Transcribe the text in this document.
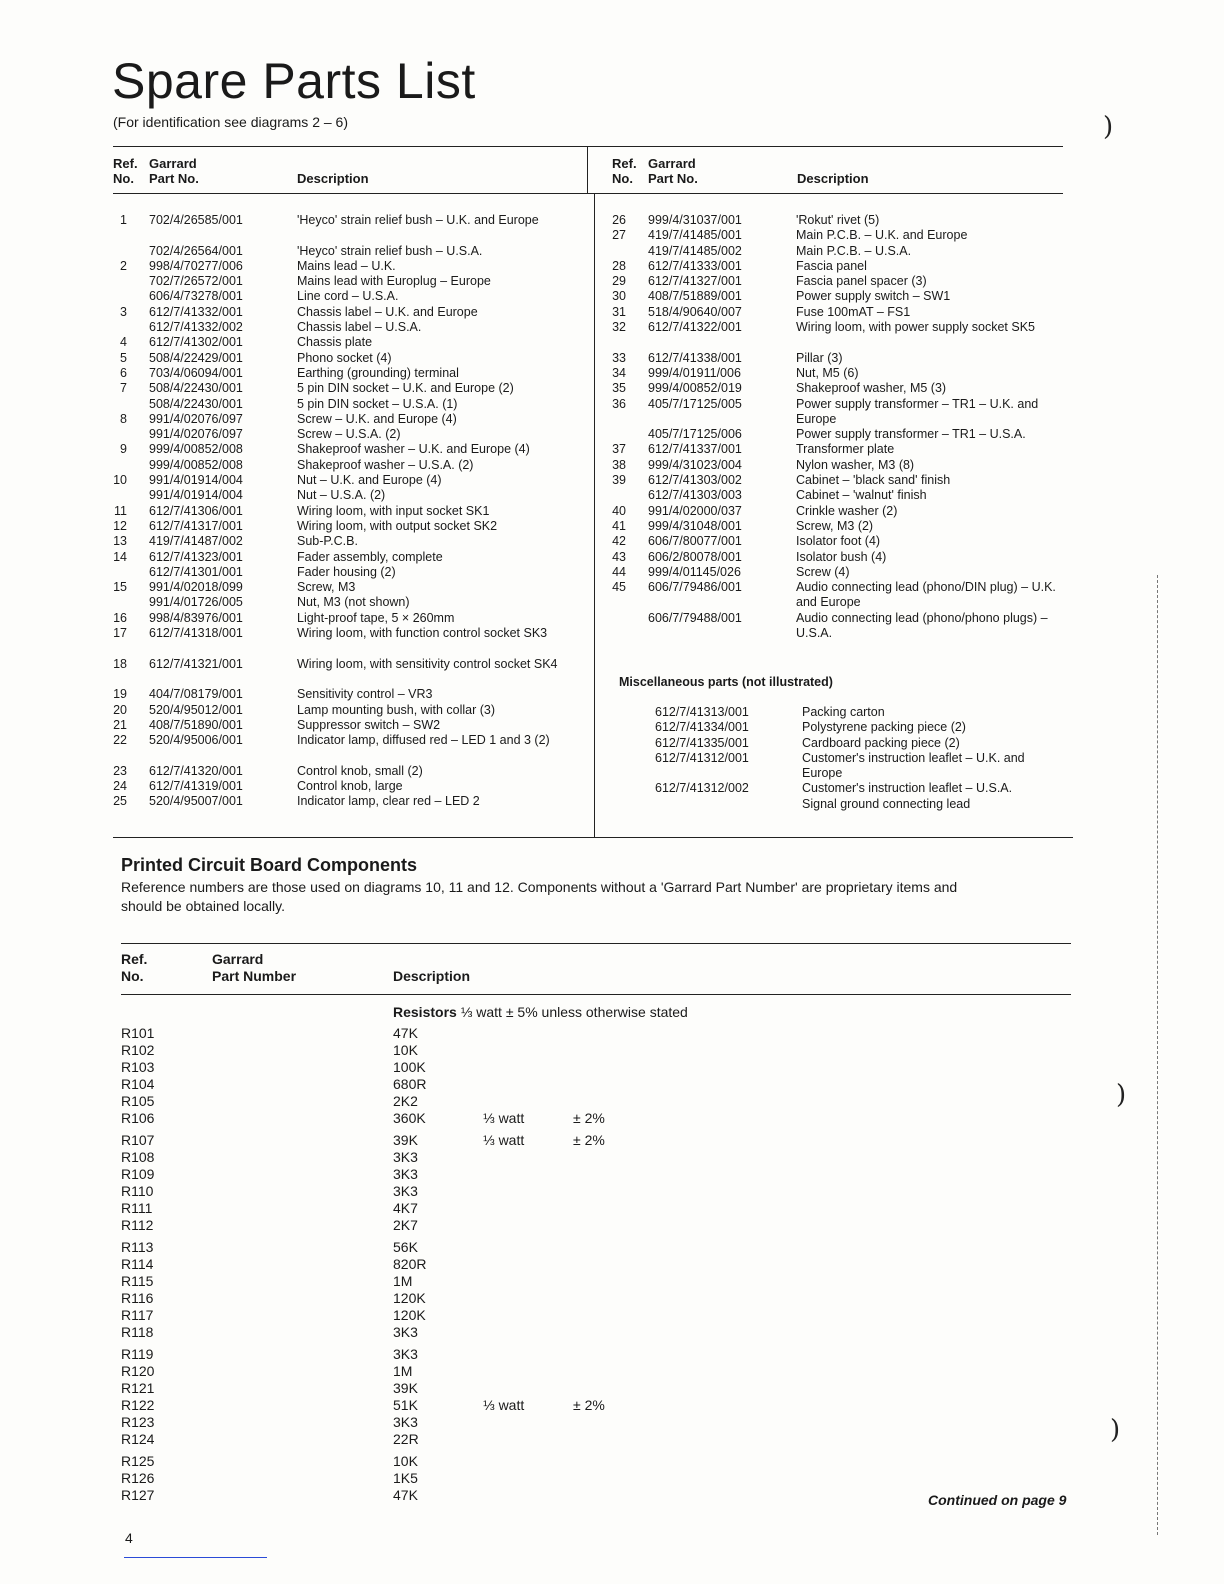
Spare Parts List
(For identification see diagrams 2 – 6)
Ref.
No.
Garrard
Part No.	Description
Ref.
No.
Garrard
Part No.	Description
1 702/4/26585/001	'Heyco' strain relief bush – U.K. and Europe
702/4/26564/001	'Heyco' strain relief bush – U.S.A.
2 998/4/70277/006	Mains lead – U.K.
702/7/26572/001	Mains lead with Europlug – Europe
606/4/73278/001	Line cord – U.S.A.
3 612/7/41332/001	Chassis label – U.K. and Europe
612/7/41332/002	Chassis label – U.S.A.
4 612/7/41302/001	Chassis plate
5 508/4/22429/001	Phono socket (4)
6 703/4/06094/001	Earthing (grounding) terminal
7 508/4/22430/001	5 pin DIN socket – U.K. and Europe (2)
508/4/22430/001	5 pin DIN socket – U.S.A. (1)
8 991/4/02076/097	Screw – U.K. and Europe (4)
991/4/02076/097	Screw – U.S.A. (2)
9 999/4/00852/008	Shakeproof washer – U.K. and Europe (4)
999/4/00852/008	Shakeproof washer – U.S.A. (2)
10 991/4/01914/004	Nut – U.K. and Europe (4)
991/4/01914/004	Nut – U.S.A. (2)
11 612/7/41306/001	Wiring loom, with input socket SK1
12 612/7/41317/001	Wiring loom, with output socket SK2
13 419/7/41487/002	Sub-P.C.B.
14 612/7/41323/001	Fader assembly, complete
612/7/41301/001	Fader housing (2)
15 991/4/02018/099	Screw, M3
991/4/01726/005	Nut, M3 (not shown)
16 998/4/83976/001	Light-proof tape, 5 × 260mm
17 612/7/41318/001	Wiring loom, with function control socket SK3
18 612/7/41321/001	Wiring loom, with sensitivity control socket SK4
19 404/7/08179/001	Sensitivity control – VR3
20 520/4/95012/001	Lamp mounting bush, with collar (3)
21 408/7/51890/001	Suppressor switch – SW2
22 520/4/95006/001	Indicator lamp, diffused red – LED 1 and 3 (2)
23 612/7/41320/001	Control knob, small (2)
24 612/7/41319/001	Control knob, large
25 520/4/95007/001	Indicator lamp, clear red – LED 2
26 999/4/31037/001	'Rokut' rivet (5)
27 419/7/41485/001	Main P.C.B. – U.K. and Europe
419/7/41485/002	Main P.C.B. – U.S.A.
28 612/7/41333/001	Fascia panel
29 612/7/41327/001	Fascia panel spacer (3)
30 408/7/51889/001	Power supply switch – SW1
31 518/4/90640/007	Fuse 100mAT – FS1
32 612/7/41322/001	Wiring loom, with power supply socket SK5
33 612/7/41338/001	Pillar (3)
34 999/4/01911/006	Nut, M5 (6)
35 999/4/00852/019	Shakeproof washer, M5 (3)
36 405/7/17125/005	Power supply transformer – TR1 – U.K. and Europe
405/7/17125/006	Power supply transformer – TR1 – U.S.A.
37 612/7/41337/001	Transformer plate
38 999/4/31023/004	Nylon washer, M3 (8)
39 612/7/41303/002	Cabinet – 'black sand' finish
612/7/41303/003	Cabinet – 'walnut' finish
40 991/4/02000/037	Crinkle washer (2)
41 999/4/31048/001	Screw, M3 (2)
42 606/7/80077/001	Isolator foot (4)
43 606/2/80078/001	Isolator bush (4)
44 999/4/01145/026	Screw (4)
45 606/7/79486/001	Audio connecting lead (phono/DIN plug) – U.K. and Europe
606/7/79488/001	Audio connecting lead (phono/phono plugs) – U.S.A.
Miscellaneous parts (not illustrated)
612/7/41313/001	Packing carton
612/7/41334/001	Polystyrene packing piece (2)
612/7/41335/001	Cardboard packing piece (2)
612/7/41312/001	Customer's instruction leaflet – U.K. and Europe
612/7/41312/002	Customer's instruction leaflet – U.S.A.
Signal ground connecting lead
Printed Circuit Board Components
Reference numbers are those used on diagrams 10, 11 and 12. Components without a 'Garrard Part Number' are proprietary items and should be obtained locally.
Ref.
No.
Garrard
Part Number	Description
Resistors ⅓ watt ± 5% unless otherwise stated
R101	47K
R102	10K
R103	100K
R104	680R
R105	2K2
R106	360K	⅓ watt	± 2%
R107	39K	⅓ watt	± 2%
R108	3K3
R109	3K3
R110	3K3
R111	4K7
R112	2K7
R113	56K
R114	820R
R115	1M
R116	120K
R117	120K
R118	3K3
R119	3K3
R120	1M
R121	39K
R122	51K	⅓ watt	± 2%
R123	3K3
R124	22R
R125	10K
R126	1K5
R127	47K	Continued on page 9
4
)
)
)
